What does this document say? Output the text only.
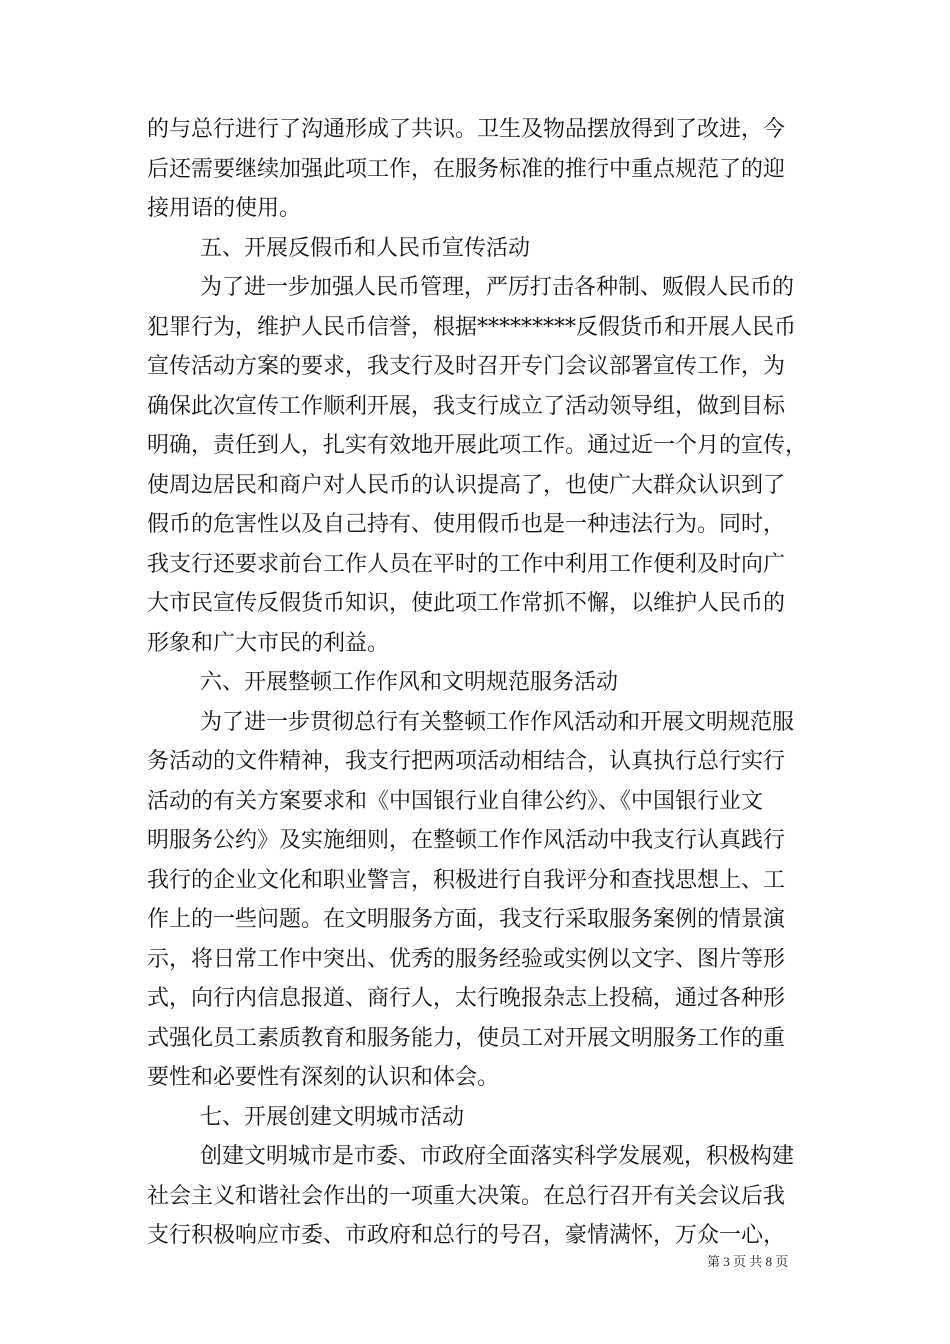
的与总行进行了沟通形成了共识。卫生及物品摆放得到了改进，今
后还需要继续加强此项工作，在服务标准的推行中重点规范了的迎
接用语的使用。
五、开展反假币和人民币宣传活动
为了进一步加强人民币管理，严厉打击各种制、贩假人民币的
犯罪行为，维护人民币信誉，根据*********反假货币和开展人民币
宣传活动方案的要求，我支行及时召开专门会议部署宣传工作，为
确保此次宣传工作顺利开展，我支行成立了活动领导组，做到目标
明确，责任到人，扎实有效地开展此项工作。通过近一个月的宣传，
使周边居民和商户对人民币的认识提高了，也使广大群众认识到了
假币的危害性以及自己持有、使用假币也是一种违法行为。同时，
我支行还要求前台工作人员在平时的工作中利用工作便利及时向广
大市民宣传反假货币知识，使此项工作常抓不懈，以维护人民币的
形象和广大市民的利益。
六、开展整顿工作作风和文明规范服务活动
为了进一步贯彻总行有关整顿工作作风活动和开展文明规范服
务活动的文件精神，我支行把两项活动相结合，认真执行总行实行
活动的有关方案要求和《中国银行业自律公约》、《中国银行业文
明服务公约》及实施细则，在整顿工作作风活动中我支行认真践行
我行的企业文化和职业警言，积极进行自我评分和查找思想上、工
作上的一些问题。在文明服务方面，我支行采取服务案例的情景演
示，将日常工作中突出、优秀的服务经验或实例以文字、图片等形
式，向行内信息报道、商行人，太行晚报杂志上投稿，通过各种形
式强化员工素质教育和服务能力，使员工对开展文明服务工作的重
要性和必要性有深刻的认识和体会。
七、开展创建文明城市活动
创建文明城市是市委、市政府全面落实科学发展观，积极构建
社会主义和谐社会作出的一项重大决策。在总行召开有关会议后我
支行积极响应市委、市政府和总行的号召，豪情满怀，万众一心，
第 3 页 共 8 页
